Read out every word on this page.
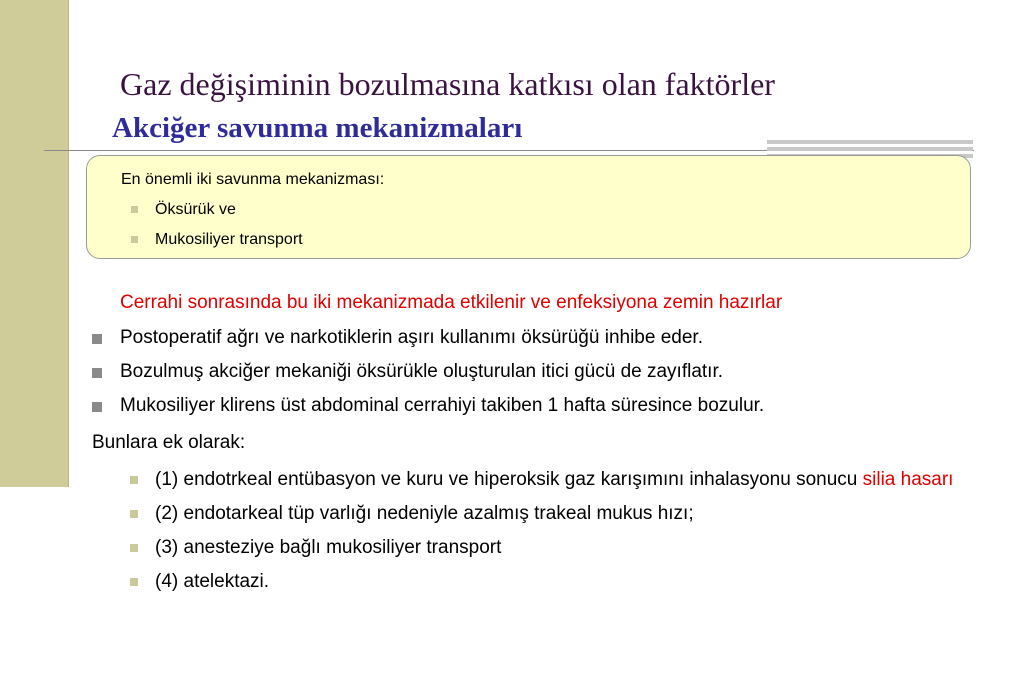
Gaz değişiminin bozulmasına katkısı olan faktörler
Akciğer savunma mekanizmaları
En önemli iki savunma mekanizması:
Öksürük ve
Mukosiliyer transport
Cerrahi sonrasında bu iki mekanizmada etkilenir ve enfeksiyona zemin hazırlar
Postoperatif ağrı ve narkotiklerin aşırı kullanımı öksürüğü inhibe eder.
Bozulmuş akciğer mekaniği öksürükle oluşturulan itici gücü de zayıflatır.
Mukosiliyer klirens üst abdominal cerrahiyi takiben 1 hafta süresince bozulur.
Bunlara ek olarak:
(1) endotrkeal entübasyon ve kuru ve hiperoksik gaz karışımını inhalasyonu sonucu silia hasarı
(2) endotarkeal tüp varlığı nedeniyle azalmış trakeal mukus hızı;
(3) anesteziye bağlı mukosiliyer transport
(4) atelektazi.
